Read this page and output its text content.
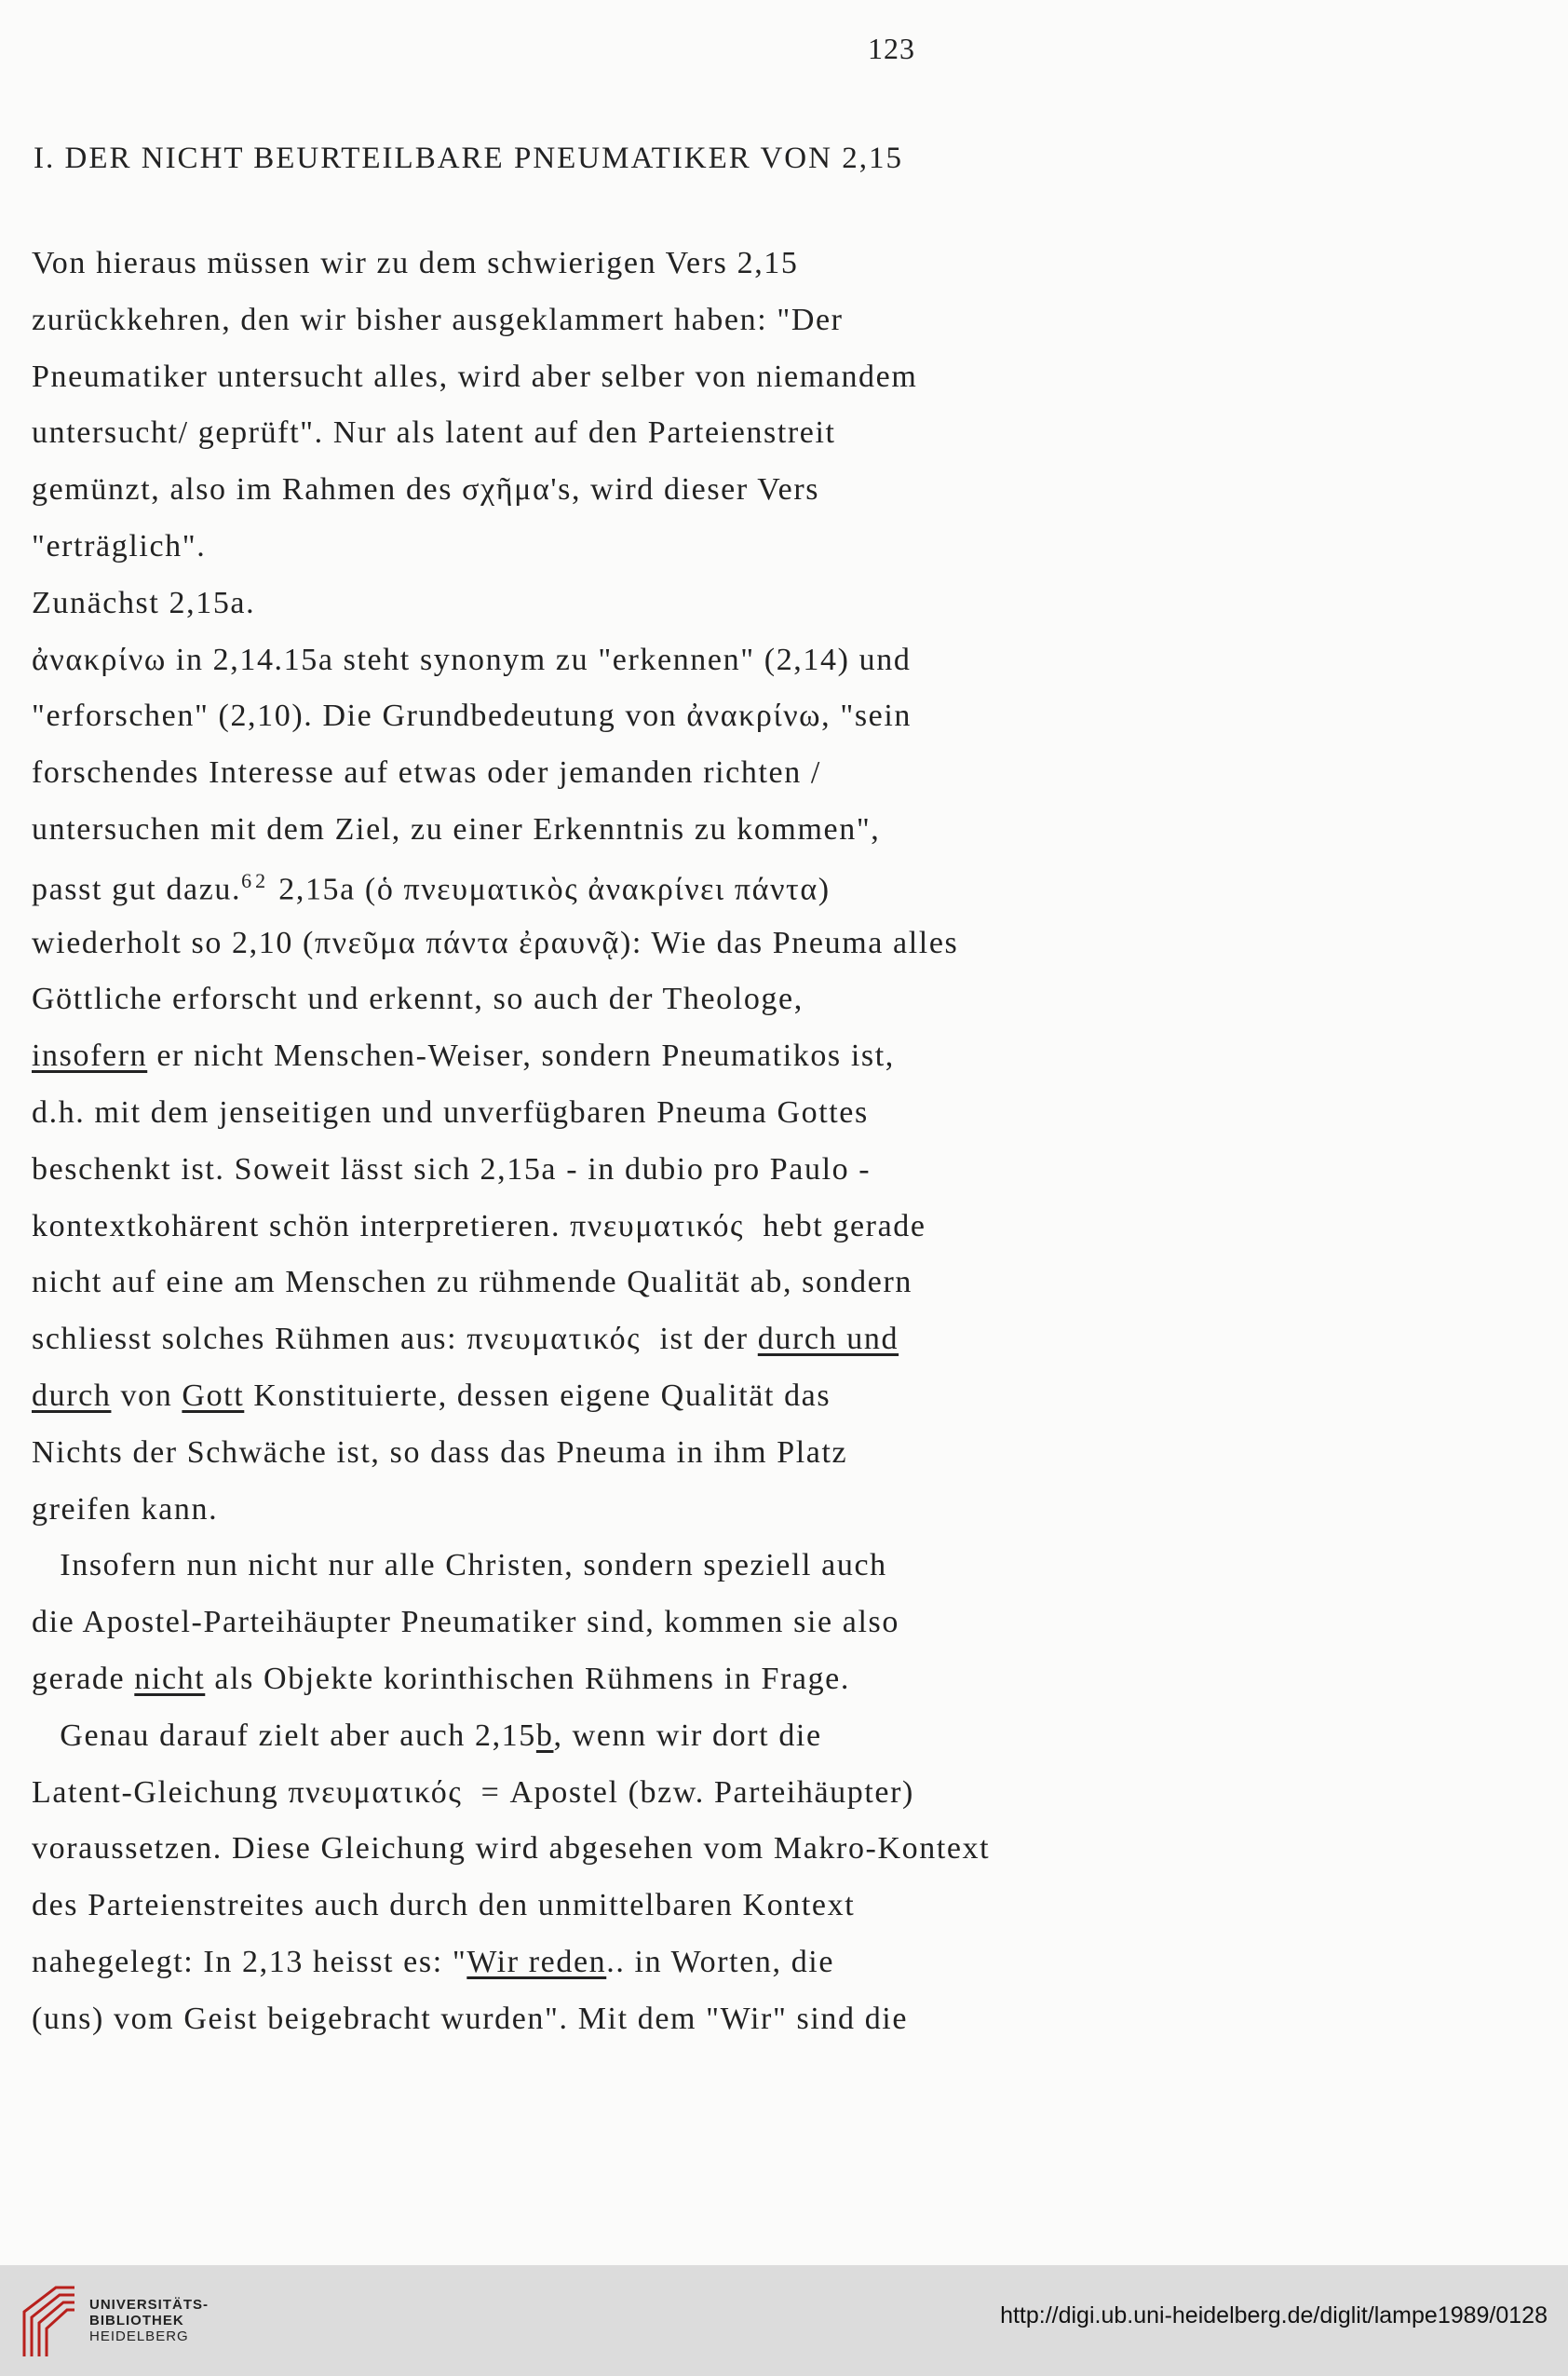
123
I. DER NICHT BEURTEILBARE PNEUMATIKER VON 2,15
Von hieraus müssen wir zu dem schwierigen Vers 2,15
zurückkehren, den wir bisher ausgeklammert haben: "Der
Pneumatiker untersucht alles, wird aber selber von niemandem
untersucht/ geprüft". Nur als latent auf den Parteienstreit
gemünzt, also im Rahmen des σχῆμα's, wird dieser Vers
"erträglich".
Zunächst 2,15a.
ἀνακρίνω in 2,14.15a steht synonym zu "erkennen" (2,14) und
"erforschen" (2,10). Die Grundbedeutung von ἀνακρίνω, "sein
forschendes Interesse auf etwas oder jemanden richten /
untersuchen mit dem Ziel, zu einer Erkenntnis zu kommen",
passt gut dazu.$^{62}$ 2,15a (ὁ πνευματικὸς ἀνακρίνει πάντα)
wiederholt so 2,10 (πνεῦμα πάντα ἐραυνᾷ): Wie das Pneuma alles
Göttliche erforscht und erkennt, so auch der Theologe,
insofern er nicht Menschen-Weiser, sondern Pneumatikos ist,
d.h. mit dem jenseitigen und unverfügbaren Pneuma Gottes
beschenkt ist. Soweit lässt sich 2,15a - in dubio pro Paulo -
kontextkohärent schön interpretieren. πνευματικός  hebt gerade
nicht auf eine am Menschen zu rühmende Qualität ab, sondern
schliesst solches Rühmen aus: πνευματικός  ist der durch und
durch von Gott Konstituierte, dessen eigene Qualität das
Nichts der Schwäche ist, so dass das Pneuma in ihm Platz
greifen kann.
Insofern nun nicht nur alle Christen, sondern speziell auch
die Apostel-Parteihäupter Pneumatiker sind, kommen sie also
gerade nicht als Objekte korinthischen Rühmens in Frage.
Genau darauf zielt aber auch 2,15b, wenn wir dort die
Latent-Gleichung πνευματικός  = Apostel (bzw. Parteihäupter)
voraussetzen. Diese Gleichung wird abgesehen vom Makro-Kontext
des Parteienstreites auch durch den unmittelbaren Kontext
nahegelegt: In 2,13 heisst es: "Wir reden.. in Worten, die
(uns) vom Geist beigebracht wurden". Mit dem "Wir" sind die
UNIVERSITÄTS-
BIBLIOTHEK
HEIDELBERG
http://digi.ub.uni-heidelberg.de/diglit/lampe1989/0128
